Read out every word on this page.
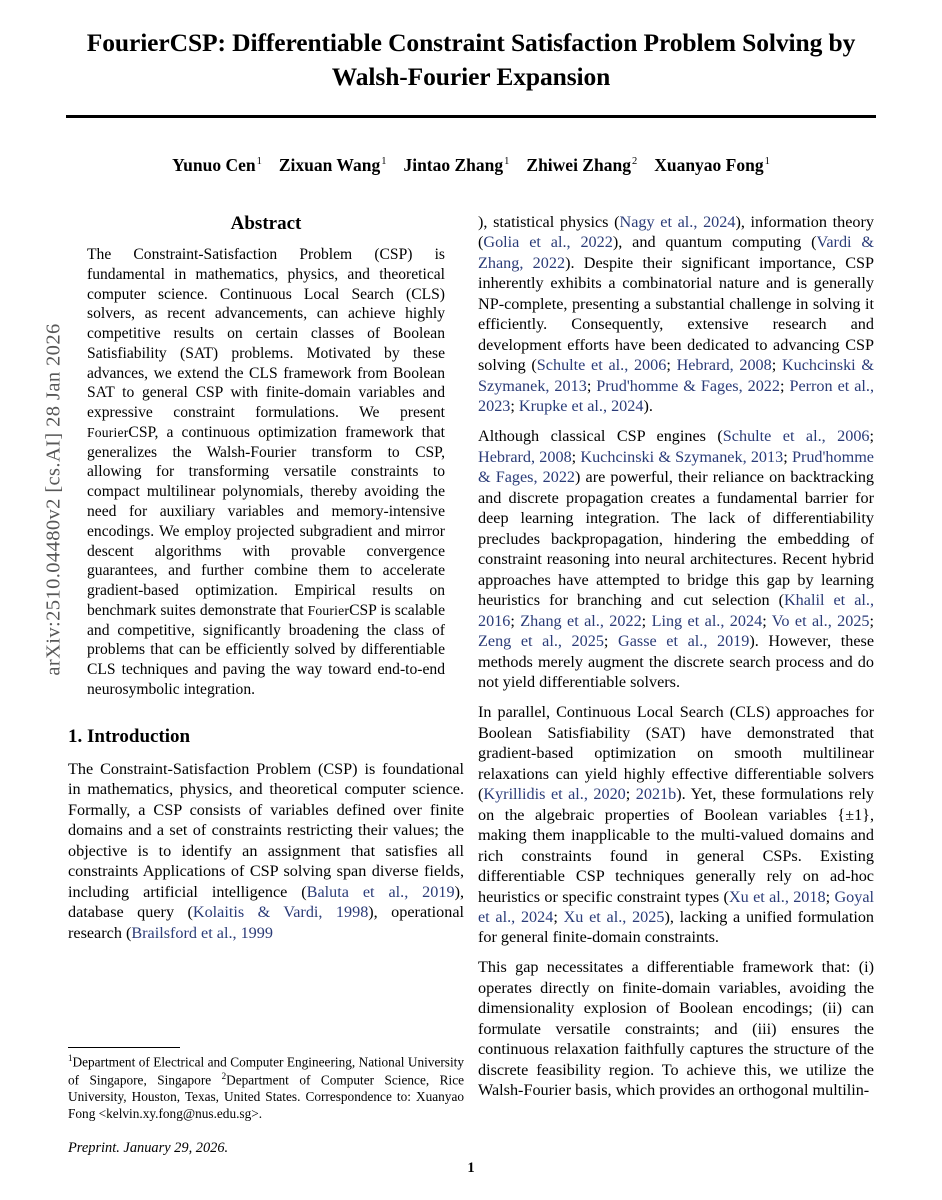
arXiv:2510.04480v2 [cs.AI] 28 Jan 2026
FourierCSP: Differentiable Constraint Satisfaction Problem Solving by
Walsh-Fourier Expansion
Yunuo Cen$^1$ Zixuan Wang$^1$ Jintao Zhang$^1$ Zhiwei Zhang$^2$ Xuanyao Fong$^1$
Abstract

The Constraint-Satisfaction Problem (CSP) is fundamental in mathematics, physics, and theoretical computer science. Continuous Local Search (CLS) solvers, as recent advancements, can achieve highly competitive results on certain classes of Boolean Satisfiability (SAT) problems. Motivated by these advances, we extend the CLS framework from Boolean SAT to general CSP with finite-domain variables and expressive constraint formulations. We present FourierCSP, a continuous optimization framework that generalizes the Walsh-Fourier transform to CSP, allowing for transforming versatile constraints to compact multilinear polynomials, thereby avoiding the need for auxiliary variables and memory-intensive encodings. We employ projected subgradient and mirror descent algorithms with provable convergence guarantees, and further combine them to accelerate gradient-based optimization. Empirical results on benchmark suites demonstrate that FourierCSP is scalable and competitive, significantly broadening the class of problems that can be efficiently solved by differentiable CLS techniques and paving the way toward end-to-end neurosymbolic integration.

1. Introduction

The Constraint-Satisfaction Problem (CSP) is foundational in mathematics, physics, and theoretical computer science. Formally, a CSP consists of variables defined over finite domains and a set of constraints restricting their values; the objective is to identify an assignment that satisfies all constraints Applications of CSP solving span diverse fields, including artificial intelligence (Baluta et al., 2019), database query (Kolaitis & Vardi, 1998), operational research (Brailsford et al., 1999

), statistical physics (Nagy et al., 2024), information theory (Golia et al., 2022), and quantum computing (Vardi & Zhang, 2022). Despite their significant importance, CSP inherently exhibits a combinatorial nature and is generally NP-complete, presenting a substantial challenge in solving it efficiently. Consequently, extensive research and development efforts have been dedicated to advancing CSP solving (Schulte et al., 2006; Hebrard, 2008; Kuchcinski & Szymanek, 2013; Prud'homme & Fages, 2022; Perron et al., 2023; Krupke et al., 2024).

Although classical CSP engines (Schulte et al., 2006; Hebrard, 2008; Kuchcinski & Szymanek, 2013; Prud'homme & Fages, 2022) are powerful, their reliance on backtracking and discrete propagation creates a fundamental barrier for deep learning integration. The lack of differentiability precludes backpropagation, hindering the embedding of constraint reasoning into neural architectures. Recent hybrid approaches have attempted to bridge this gap by learning heuristics for branching and cut selection (Khalil et al., 2016; Zhang et al., 2022; Ling et al., 2024; Vo et al., 2025; Zeng et al., 2025; Gasse et al., 2019). However, these methods merely augment the discrete search process and do not yield differentiable solvers.

In parallel, Continuous Local Search (CLS) approaches for Boolean Satisfiability (SAT) have demonstrated that gradient-based optimization on smooth multilinear relaxations can yield highly effective differentiable solvers (Kyrillidis et al., 2020; 2021b). Yet, these formulations rely on the algebraic properties of Boolean variables {±1}, making them inapplicable to the multi-valued domains and rich constraints found in general CSPs. Existing differentiable CSP techniques generally rely on ad-hoc heuristics or specific constraint types (Xu et al., 2018; Goyal et al., 2024; Xu et al., 2025), lacking a unified formulation for general finite-domain constraints.

This gap necessitates a differentiable framework that: (i) operates directly on finite-domain variables, avoiding the dimensionality explosion of Boolean encodings; (ii) can formulate versatile constraints; and (iii) ensures the continuous relaxation faithfully captures the structure of the discrete feasibility region. To achieve this, we utilize the Walsh-Fourier basis, which provides an orthogonal multilin-

$^1$Department of Electrical and Computer Engineering, National University of Singapore, Singapore $^2$Department of Computer Science, Rice University, Houston, Texas, United States. Correspondence to: Xuanyao Fong <kelvin.xy.fong@nus.edu.sg>.
Preprint. January 29, 2026.
1
